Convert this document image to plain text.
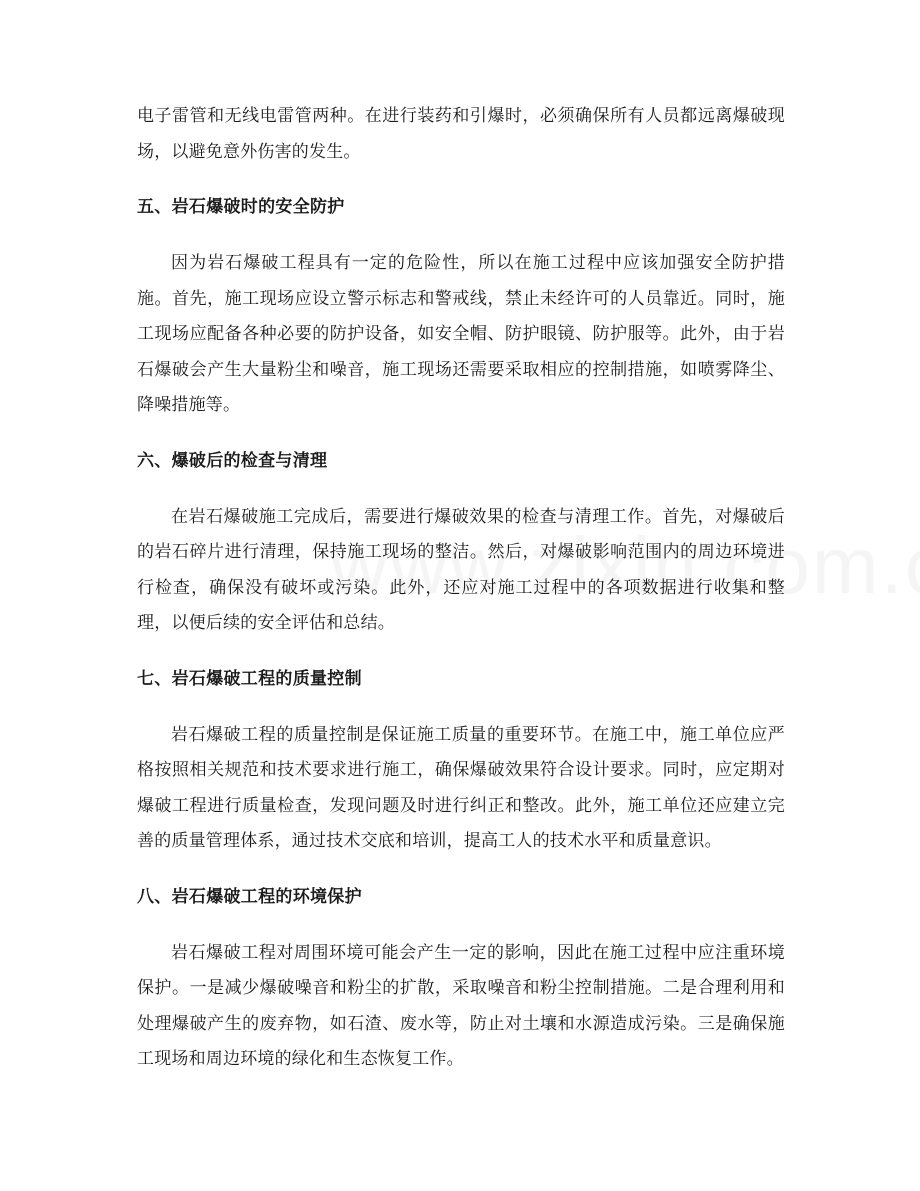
电子雷管和无线电雷管两种。在进行装药和引爆时，必须确保所有人员都远离爆破现场，以避免意外伤害的发生。

五、岩石爆破时的安全防护

因为岩石爆破工程具有一定的危险性，所以在施工过程中应该加强安全防护措施。首先，施工现场应设立警示标志和警戒线，禁止未经许可的人员靠近。同时，施工现场应配备各种必要的防护设备，如安全帽、防护眼镜、防护服等。此外，由于岩石爆破会产生大量粉尘和噪音，施工现场还需要采取相应的控制措施，如喷雾降尘、降噪措施等。

六、爆破后的检查与清理

在岩石爆破施工完成后，需要进行爆破效果的检查与清理工作。首先，对爆破后的岩石碎片进行清理，保持施工现场的整洁。然后，对爆破影响范围内的周边环境进行检查，确保没有破坏或污染。此外，还应对施工过程中的各项数据进行收集和整理，以便后续的安全评估和总结。

七、岩石爆破工程的质量控制

岩石爆破工程的质量控制是保证施工质量的重要环节。在施工中，施工单位应严格按照相关规范和技术要求进行施工，确保爆破效果符合设计要求。同时，应定期对爆破工程进行质量检查，发现问题及时进行纠正和整改。此外，施工单位还应建立完善的质量管理体系，通过技术交底和培训，提高工人的技术水平和质量意识。

八、岩石爆破工程的环境保护

岩石爆破工程对周围环境可能会产生一定的影响，因此在施工过程中应注重环境保护。一是减少爆破噪音和粉尘的扩散，采取噪音和粉尘控制措施。二是合理利用和处理爆破产生的废弃物，如石渣、废水等，防止对土壤和水源造成污染。三是确保施工现场和周边环境的绿化和生态恢复工作。
